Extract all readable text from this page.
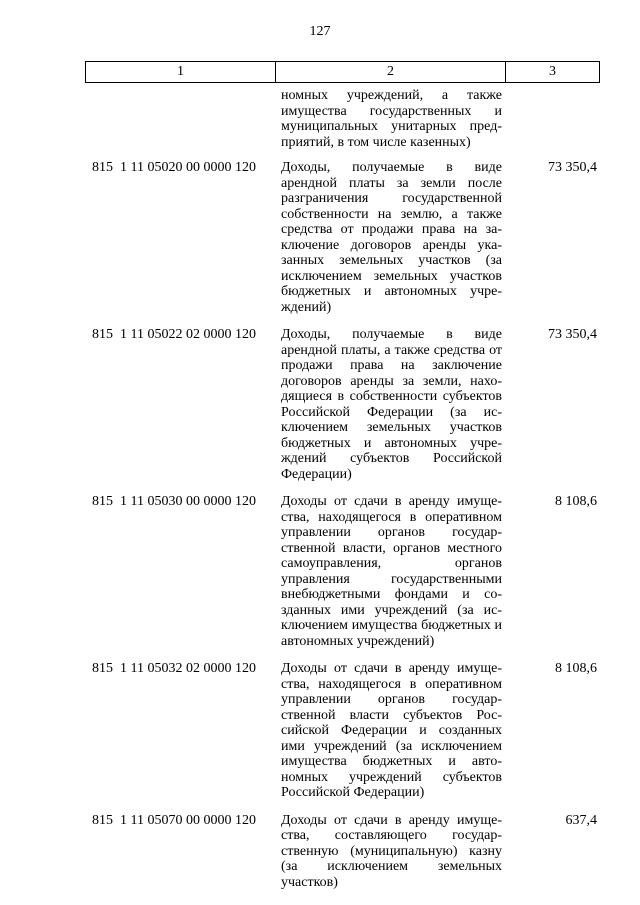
127
1	2	3
номных учреждений, а также имущества государственных и муниципальных унитарных предприятий, в том числе казенных)
815  1 11 05020 00 0000 120 Доходы, получаемые в виде арендной платы за земли после разграничения государственной собственности на землю, а также средства от продажи права на заключение договоров аренды указанных земельных участков (за исключением земельных участков бюджетных и автономных учреждений)
73 350,4
815  1 11 05022 02 0000 120 Доходы, получаемые в виде арендной платы, а также средства от продажи права на заключение договоров аренды за земли, находящиеся в собственности субъектов Российской Федерации (за исключением земельных участков бюджетных и автономных учреждений субъектов Российской Федерации)
73 350,4
815  1 11 05030 00 0000 120 Доходы от сдачи в аренду имущества, находящегося в оперативном управлении органов государственной власти, органов местного самоуправления, органов управления государственными внебюджетными фондами и созданных ими учреждений (за исключением имущества бюджетных и автономных учреждений)
8 108,6
815  1 11 05032 02 0000 120 Доходы от сдачи в аренду имущества, находящегося в оперативном управлении органов государственной власти субъектов Российской Федерации и созданных ими учреждений (за исключением имущества бюджетных и автономных учреждений субъектов Российской Федерации)
8 108,6
815  1 11 05070 00 0000 120 Доходы от сдачи в аренду имущества, составляющего государственную (муниципальную) казну (за исключением земельных участков)
637,4
